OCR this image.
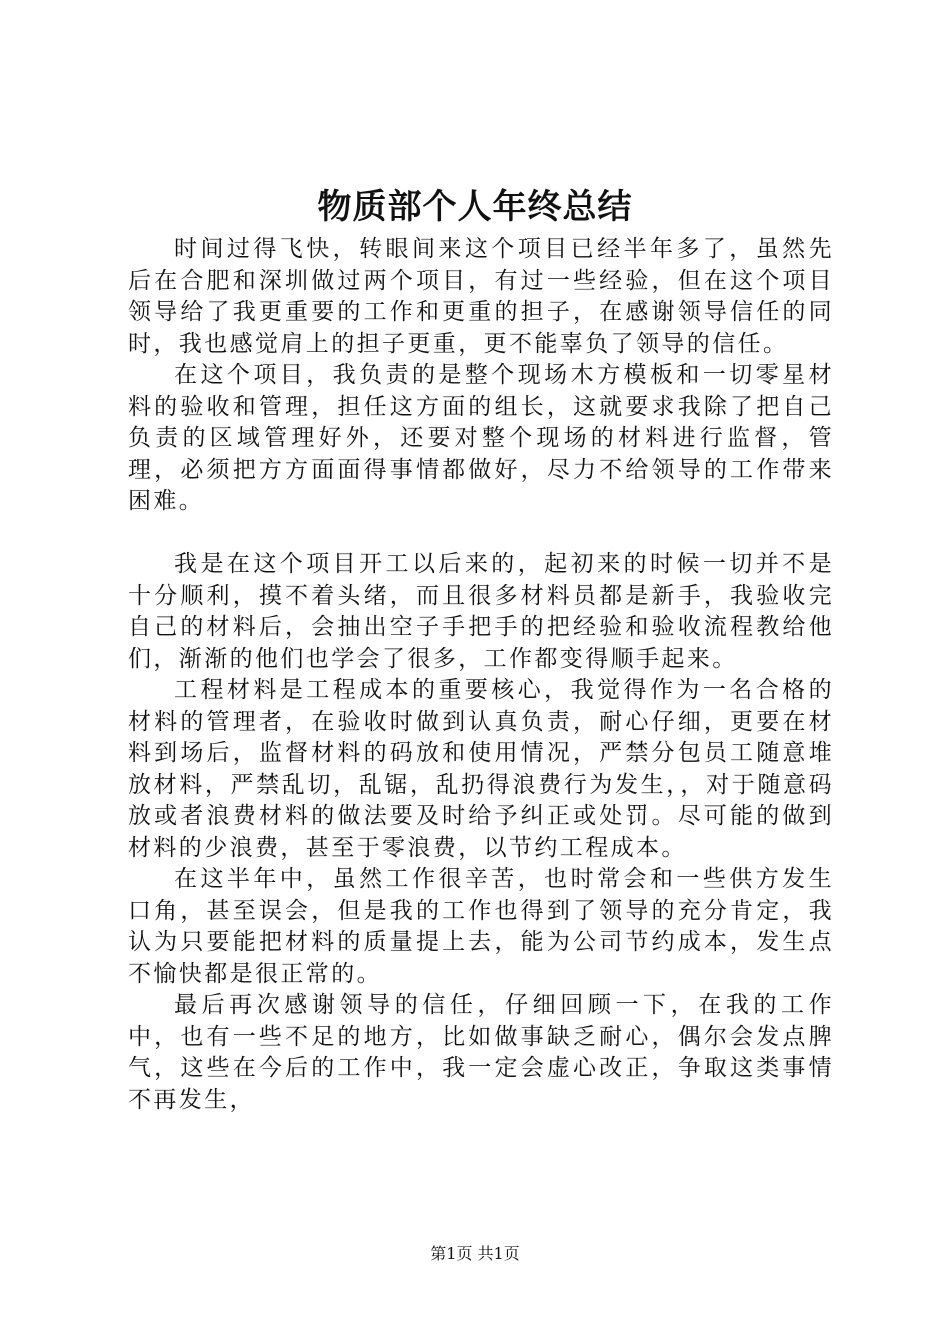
物质部个人年终总结

时间过得飞快，转眼间来这个项目已经半年多了，虽然先后在合肥和深圳做过两个项目，有过一些经验，但在这个项目领导给了我更重要的工作和更重的担子，在感谢领导信任的同时，我也感觉肩上的担子更重，更不能辜负了领导的信任。

在这个项目，我负责的是整个现场木方模板和一切零星材料的验收和管理，担任这方面的组长，这就要求我除了把自己负责的区域管理好外，还要对整个现场的材料进行监督，管理，必须把方方面面得事情都做好，尽力不给领导的工作带来困难。

我是在这个项目开工以后来的，起初来的时候一切并不是十分顺利，摸不着头绪，而且很多材料员都是新手，我验收完自己的材料后，会抽出空子手把手的把经验和验收流程教给他们，渐渐的他们也学会了很多，工作都变得顺手起来。

工程材料是工程成本的重要核心，我觉得作为一名合格的材料的管理者，在验收时做到认真负责，耐心仔细，更要在材料到场后，监督材料的码放和使用情况，严禁分包员工随意堆放材料，严禁乱切，乱锯，乱扔得浪费行为发生，，对于随意码放或者浪费材料的做法要及时给予纠正或处罚。尽可能的做到材料的少浪费，甚至于零浪费，以节约工程成本。

在这半年中，虽然工作很辛苦，也时常会和一些供方发生口角，甚至误会，但是我的工作也得到了领导的充分肯定，我认为只要能把材料的质量提上去，能为公司节约成本，发生点不愉快都是很正常的。

最后再次感谢领导的信任，仔细回顾一下，在我的工作中，也有一些不足的地方，比如做事缺乏耐心，偶尔会发点脾气，这些在今后的工作中，我一定会虚心改正，争取这类事情不再发生，

第1页 共1页
